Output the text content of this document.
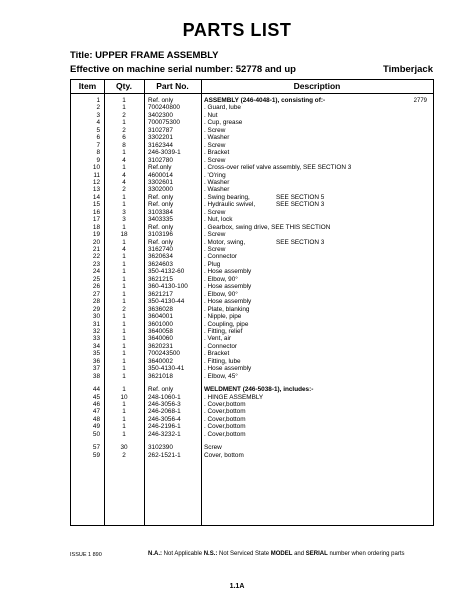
PARTS LIST
Title: UPPER FRAME ASSEMBLY
Effective on machine serial number: 52778 and up	Timberjack
Item	Qty.	Part No.	Description
2779
1	1	Ref. only	ASSEMBLY (246-4048-1), consisting of:-
2	1	700240800	. Guard, lube
3	2	3402300	. Nut
4	1	700075300	. Cup, grease
5	2	3102787	. Screw
6	6	3302201	. Washer
7	8	3162344	. Screw
8	1	246-3039-1	. Bracket
9	4	3102780	. Screw
10	1	Ref.only	. Cross-over relief valve assembly, SEE SECTION 3
11	4	4600014	. 'O'ring
12	4	3302601	. Washer
13	2	3302000	. Washer
14	1	Ref. only	. Swing bearing,	SEE SECTION 5
15	1	Ref. only	. Hydraulic swivel,	SEE SECTION 3
16	3	3103384	. Screw
17	3	3403335	. Nut, lock
18	1	Ref. only	. Gearbox, swing drive, SEE THIS SECTION
19	18	3103196	. Screw
20	1	Ref. only	. Motor, swing,	SEE SECTION 3
21	4	3162740	. Screw
22	1	3620634	. Connector
23	1	3624603	. Plug
24	1	350-4132-60	. Hose assembly
25	1	3621215	. Elbow, 90°
26	1	360-4130-100	. Hose assembly
27	1	3621217	. Elbow, 90°
28	1	350-4130-44	. Hose assembly
29	2	3636028	. Plate, blanking
30	1	3604001	. Nipple, pipe
31	1	3601000	. Coupling, pipe
32	1	3640058	. Fitting, relief
33	1	3640060	. Vent, air
34	1	3620231	. Connector
35	1	700243500	. Bracket
36	1	3640002	. Fitting, lube
37	1	350-4130-41	. Hose assembly
38	1	3621018	. Elbow, 45°
44	1	Ref. only	WELDMENT (246-5038-1), includes:-
45	10	248-1060-1	. HINGE ASSEMBLY
46	1	246-3056-3	. Cover,bottom
47	1	246-2068-1	. Cover,bottom
48	1	246-3056-4	. Cover,bottom
49	1	246-2196-1	. Cover,bottom
50	1	246-3232-1	. Cover,bottom
57	30	3102390	Screw
59	2	262-1521-1	Cover, bottom
ISSUE 1 890	N.A.: Not Applicable N.S.: Not Serviced State MODEL and SERIAL number when ordering parts
1.1A
